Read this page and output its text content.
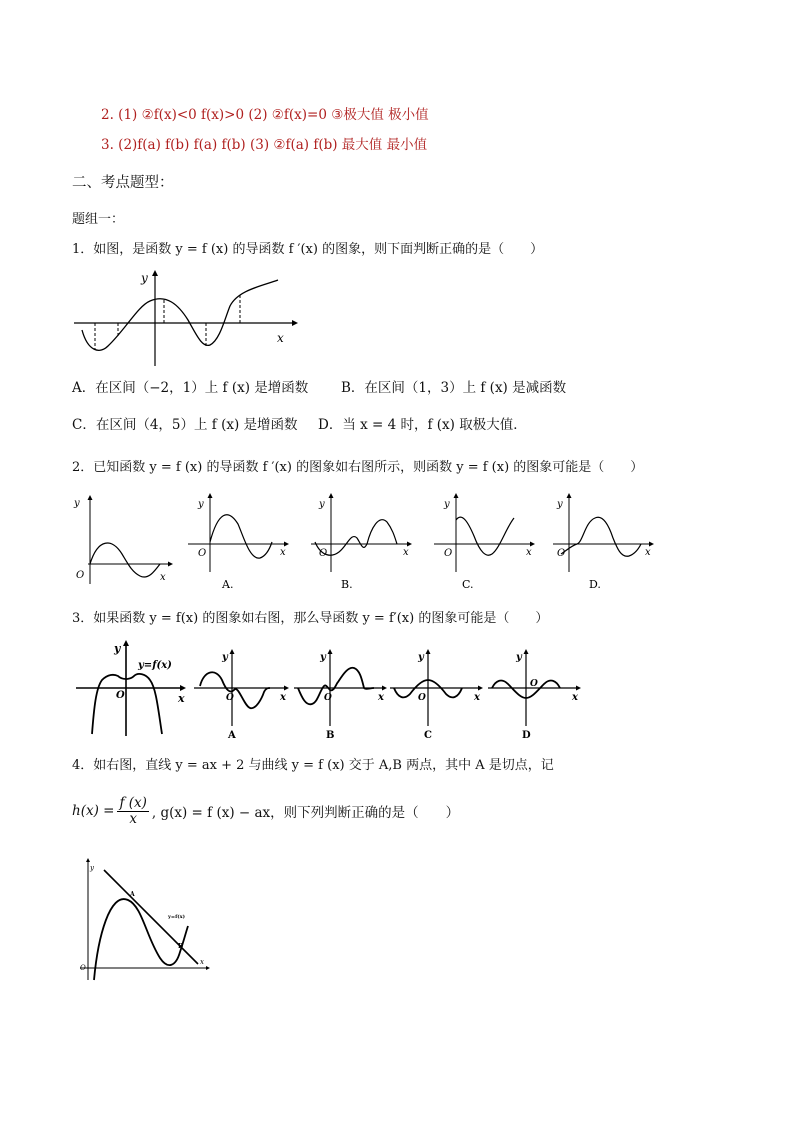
2. (1) ②f(x)<0 f(x)>0 (2) ②f(x)=0 ③极大值 极小值
3. (2)f(a) f(b) f(a) f(b) (3) ②f(a) f(b) 最大值 最小值
二、考点题型：
题组一：
1．如图，是函数 y = f (x) 的导函数 f ′(x) 的图象，则下面判断正确的是（　　）
y
x
A．在区间（−2，1）上 f (x) 是增函数 B．在区间（1，3）上 f (x) 是减函数
C．在区间（4，5）上 f (x) 是增函数 D．当 x = 4 时，f (x) 取极大值．
2．已知函数 y = f (x) 的导函数 f ′(x) 的图象如右图所示，则函数 y = f (x) 的图象可能是（　　）
y
x
O
y
x
O
A.
y
x
O
B.
y
x
O
C.
y
x
O
D.
3．如果函数 y = f(x) 的图象如右图，那么导函数 y = f′(x) 的图象可能是（　　）
y
x
O
y=f(x)
y
x
O
A
y
x
O
B
y
x
O
C
y
x
O
D
4．如右图，直线 y = ax + 2 与曲线 y = f (x) 交于 A,B 两点，其中 A 是切点，记
$h(x) = \frac{f (x)}{x}$ , g(x) = f (x) − ax，则下列判断正确的是（　　）
y
x
O
A
B
y=f(x)
